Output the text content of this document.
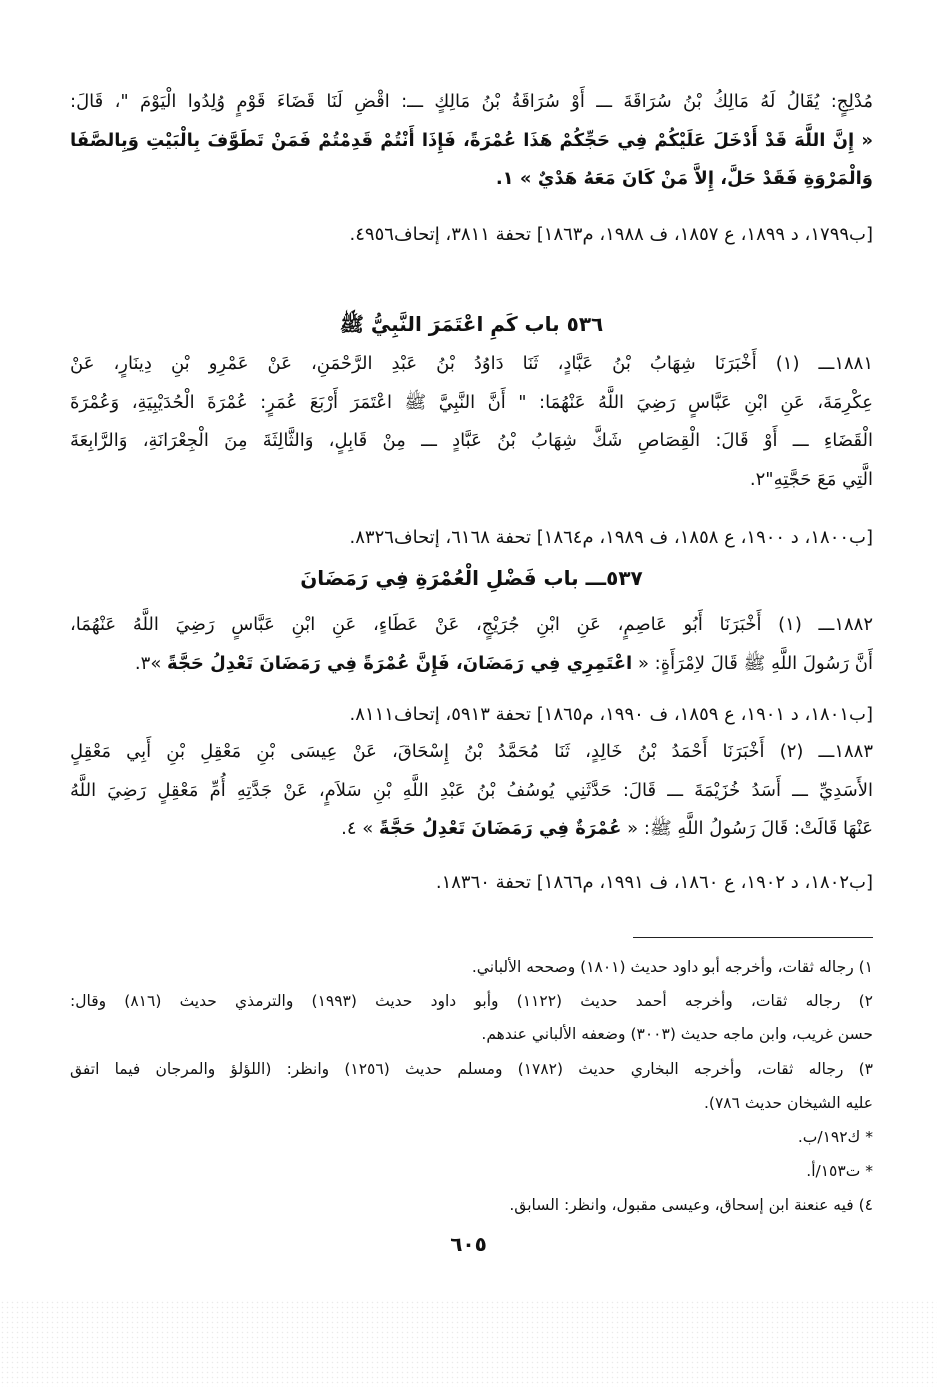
مُدْلِجٍ: يُقَالُ لَهُ مَالِكُ بْنُ سُرَاقَةَ ـــ أَوْ سُرَاقَةُ بْنُ مَالِكٍ ـــ: اقْضِ لَنَا قَضَاءَ قَوْمٍ وُلِدُوا الْيَوْمَ "، قَالَ:
« إِنَّ اللَّهَ قَدْ أَدْخَلَ عَلَيْكُمْ فِي حَجِّكُمْ هَذَا عُمْرَةً، فَإِذَا أَنْتُمْ قَدِمْتُمْ فَمَنْ تَطَوَّفَ بِالْبَيْتِ وَبِالصَّفَا
وَالْمَرْوَةِ فَقَدْ حَلَّ، إِلاَّ مَنْ كَانَ مَعَهُ هَدْيٌ » ١.
[ب١٧٩٩، د ١٨٩٩، ع ١٨٥٧، ف ١٩٨٨، م١٨٦٣] تحفة ٣٨١١، إتحاف٤٩٥٦.
٥٣٦ باب كَمِ اعْتَمَرَ النَّبِيُّ ﷺ
١٨٨١ـــ (١) أَخْبَرَنَا شِهَابُ بْنُ عَبَّادٍ، ثَنَا دَاوُدُ بْنُ عَبْدِ الرَّحْمَنِ، عَنْ عَمْرِو بْنِ دِينَارٍ، عَنْ
عِكْرِمَةَ، عَنِ ابْنِ عَبَّاسٍ رَضِيَ اللَّهُ عَنْهُمَا: " أَنَّ النَّبِيَّ ﷺ اعْتَمَرَ أَرْبَعَ عُمَرٍ: عُمْرَةَ الْحُدَيْبِيَةِ، وَعُمْرَةَ
الْقَضَاءِ ـــ أَوْ قَالَ: الْقِصَاصِ شَكَّ شِهَابُ بْنُ عَبَّادٍ ـــ مِنْ قَابِلٍ، وَالثَّالِثَةَ مِنَ الْجِعْرَانَةِ، وَالرَّابِعَةَ
الَّتِي مَعَ حَجَّتِهِ"٢.
[ب١٨٠٠، د ١٩٠٠، ع ١٨٥٨، ف ١٩٨٩، م١٨٦٤] تحفة ٦١٦٨، إتحاف٨٣٢٦.
٥٣٧ـــ باب فَضْلِ الْعُمْرَةِ فِي رَمَضَانَ
١٨٨٢ـــ (١) أَخْبَرَنَا أَبُو عَاصِمٍ، عَنِ ابْنِ جُرَيْجٍ، عَنْ عَطَاءٍ، عَنِ ابْنِ عَبَّاسٍ رَضِيَ اللَّهُ عَنْهُمَا،
أَنَّ رَسُولَ اللَّهِ ﷺ قَالَ لاِمْرَأَةٍ: « اعْتَمِرِي فِي رَمَضَانَ، فَإِنَّ عُمْرَةً فِي رَمَضَانَ تَعْدِلُ حَجَّةً »٣.
[ب١٨٠١، د ١٩٠١، ع ١٨٥٩، ف ١٩٩٠، م١٨٦٥] تحفة ٥٩١٣، إتحاف٨١١١.
١٨٨٣ـــ (٢) أَخْبَرَنَا أَحْمَدُ بْنُ خَالِدٍ، ثَنَا مُحَمَّدُ بْنُ إِسْحَاقَ، عَنْ عِيسَى بْنِ مَعْقِلِ بْنِ أَبِي مَعْقِلٍ
الأَسَدِيِّ ـــ أَسَدُ خُزَيْمَةَ ـــ قَالَ: حَدَّثَنِي يُوسُفُ بْنُ عَبْدِ اللَّهِ بْنِ سَلاَمٍ، عَنْ جَدَّتِهِ أُمِّ مَعْقِلٍ رَضِيَ اللَّهُ
عَنْهَا قَالَتْ: قَالَ رَسُولُ اللَّهِ ﷺ: « عُمْرَةٌ فِي رَمَضَانَ تَعْدِلُ حَجَّةً » ٤.
[ب١٨٠٢، د ١٩٠٢، ع ١٨٦٠، ف ١٩٩١، م١٨٦٦] تحفة ١٨٣٦٠.
١) رجاله ثقات، وأخرجه أبو داود حديث (١٨٠١) وصححه الألباني.
٢) رجاله ثقات، وأخرجه أحمد حديث (١١٢٢) وأبو داود حديث (١٩٩٣) والترمذي حديث (٨١٦) وقال:
حسن غريب، وابن ماجه حديث (٣٠٠٣) وضعفه الألباني عندهم.
٣) رجاله ثقات، وأخرجه البخاري حديث (١٧٨٢) ومسلم حديث (١٢٥٦) وانظر: (اللؤلؤ والمرجان فيما اتفق
عليه الشيخان حديث ٧٨٦).
* ك١٩٢/ب.
* ت١٥٣/أ.
٤) فيه عنعنة ابن إسحاق، وعيسى مقبول، وانظر: السابق.
٦٠٥
